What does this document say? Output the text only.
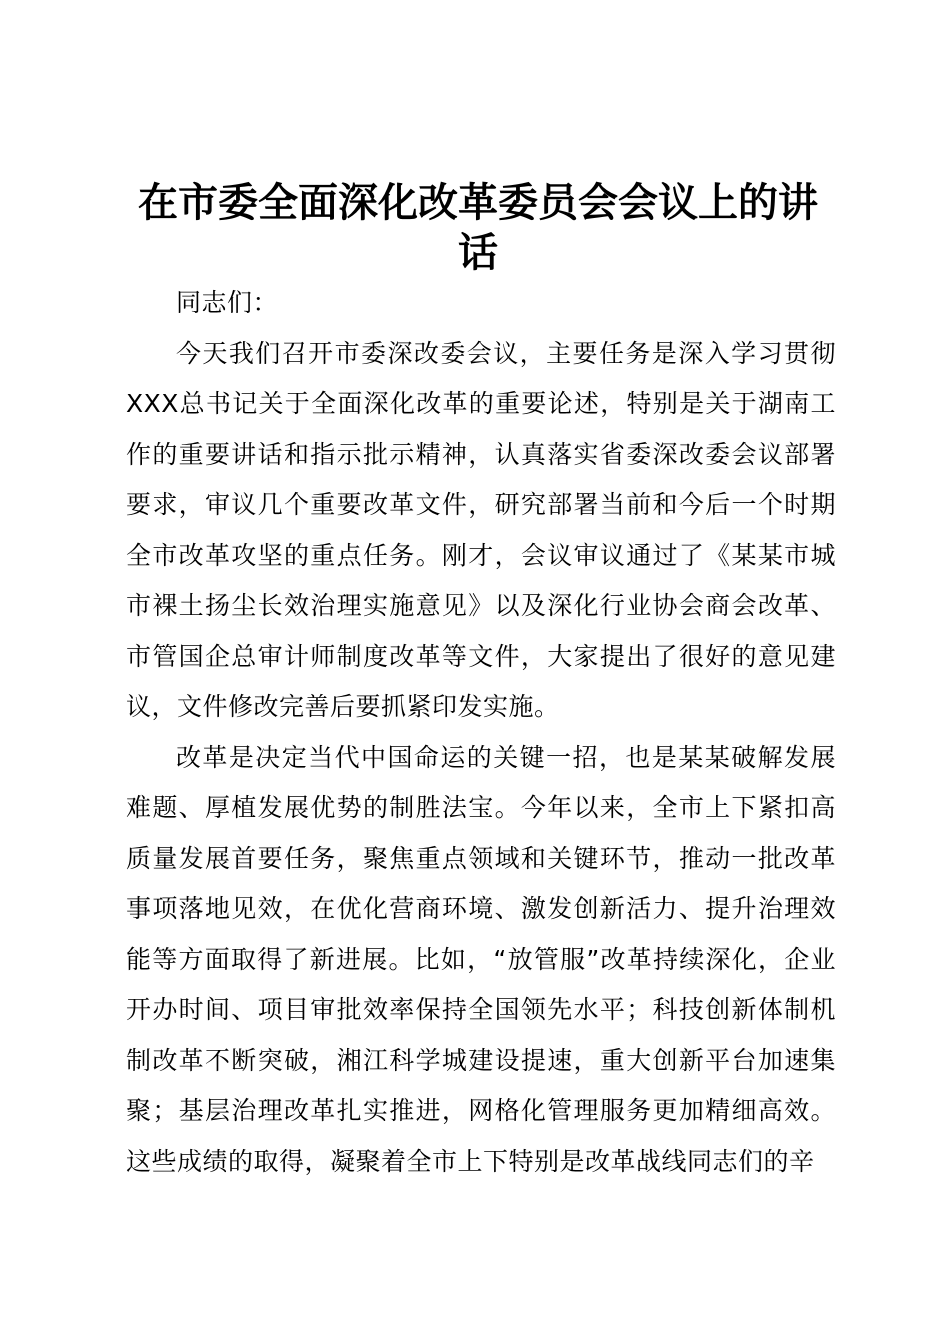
在市委全面深化改革委员会会议上的讲话

同志们：

今天我们召开市委深改委会议，主要任务是深入学习贯彻XXX总书记关于全面深化改革的重要论述，特别是关于湖南工作的重要讲话和指示批示精神，认真落实省委深改委会议部署要求，审议几个重要改革文件，研究部署当前和今后一个时期全市改革攻坚的重点任务。刚才，会议审议通过了《某某市城市裸土扬尘长效治理实施意见》以及深化行业协会商会改革、市管国企总审计师制度改革等文件，大家提出了很好的意见建议，文件修改完善后要抓紧印发实施。

改革是决定当代中国命运的关键一招，也是某某破解发展难题、厚植发展优势的制胜法宝。今年以来，全市上下紧扣高质量发展首要任务，聚焦重点领域和关键环节，推动一批改革事项落地见效，在优化营商环境、激发创新活力、提升治理效能等方面取得了新进展。比如，“放管服”改革持续深化，企业开办时间、项目审批效率保持全国领先水平；科技创新体制机制改革不断突破，湘江科学城建设提速，重大创新平台加速集聚；基层治理改革扎实推进，网格化管理服务更加精细高效。这些成绩的取得，凝聚着全市上下特别是改革战线同志们的辛
